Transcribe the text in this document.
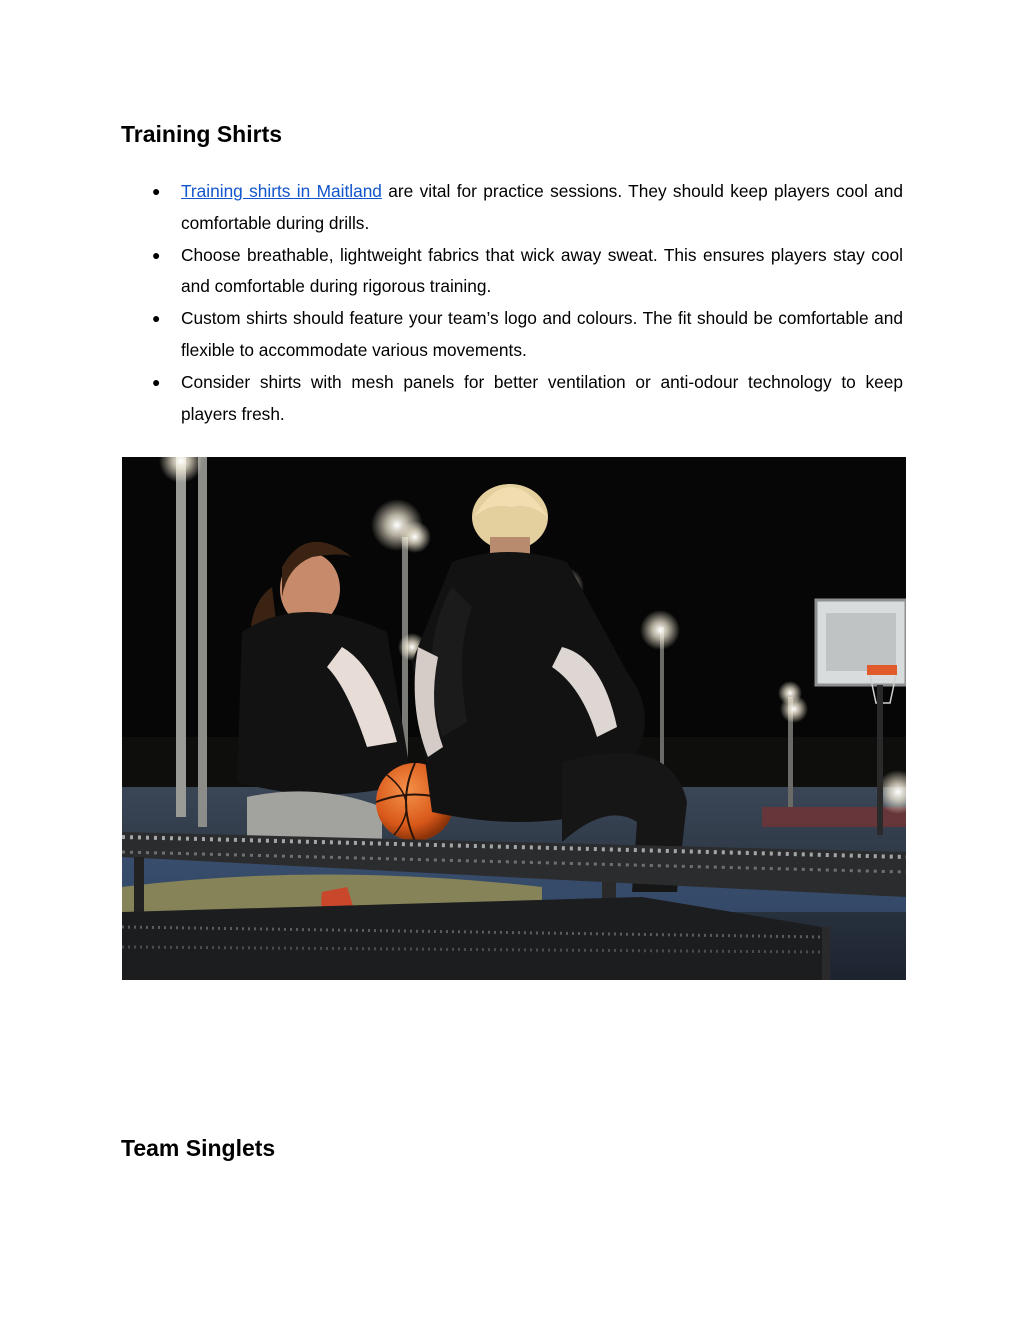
Training Shirts
● Training shirts in Maitland are vital for practice sessions. They should keep players cool and comfortable during drills.
● Choose breathable, lightweight fabrics that wick away sweat. This ensures players stay cool and comfortable during rigorous training.
● Custom shirts should feature your team’s logo and colours. The fit should be comfortable and flexible to accommodate various movements.
● Consider shirts with mesh panels for better ventilation or anti-odour technology to keep players fresh.
Team Singlets
